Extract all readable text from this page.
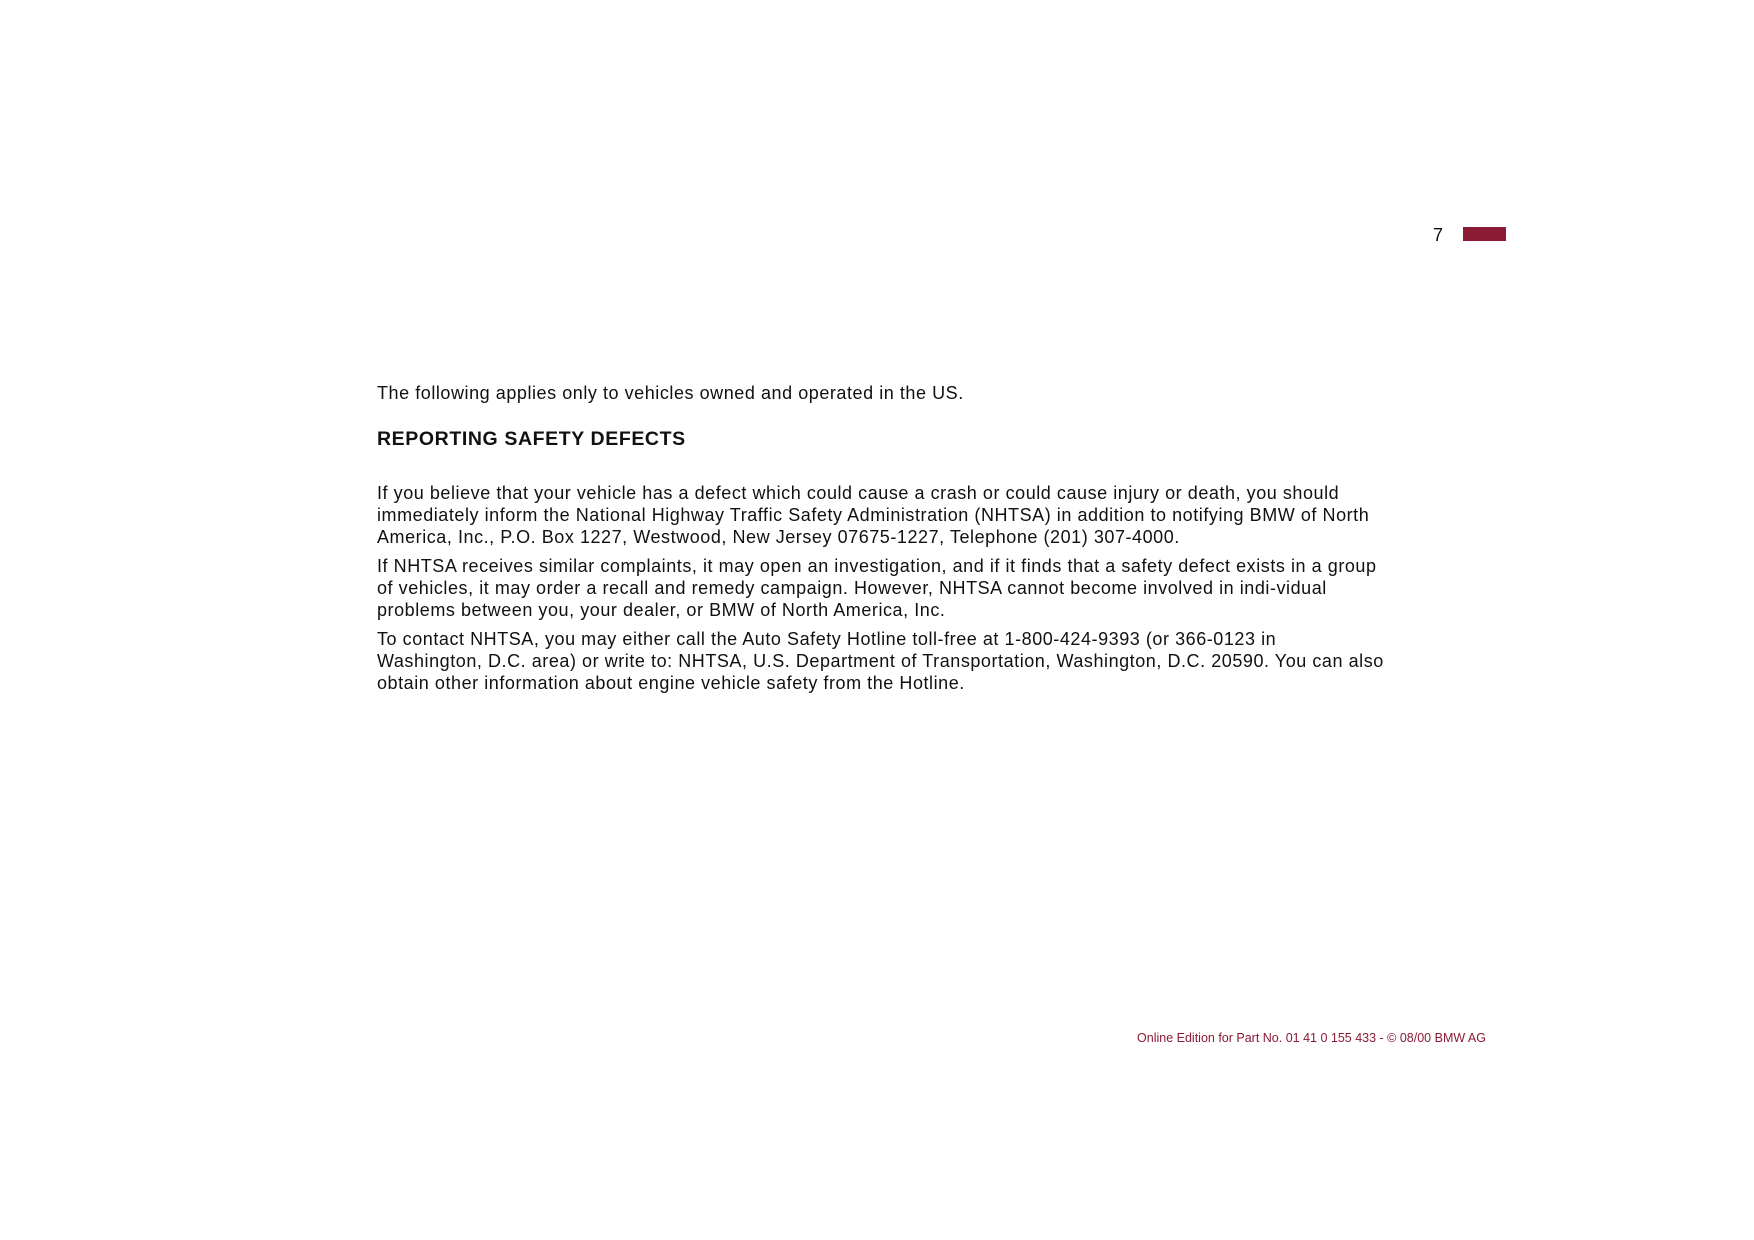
7

The following applies only to vehicles owned and operated in the US.

REPORTING SAFETY DEFECTS

If you believe that your vehicle has a defect which could cause a crash or could cause injury or death, you should immediately inform the National Highway Traffic Safety Administration (NHTSA) in addition to notifying BMW of North America, Inc., P.O. Box 1227, Westwood, New Jersey 07675-1227, Telephone (201) 307-4000.

If NHTSA receives similar complaints, it may open an investigation, and if it finds that a safety defect exists in a group of vehicles, it may order a recall and remedy campaign. However, NHTSA cannot become involved in indi-vidual problems between you, your dealer, or BMW of North America, Inc.

To contact NHTSA, you may either call the Auto Safety Hotline toll-free at 1-800-424-9393 (or 366-0123 in Washington, D.C. area) or write to: NHTSA, U.S. Department of Transportation, Washington, D.C. 20590. You can also obtain other information about engine vehicle safety from the Hotline.

Online Edition for Part No. 01 41 0 155 433 - © 08/00 BMW AG
